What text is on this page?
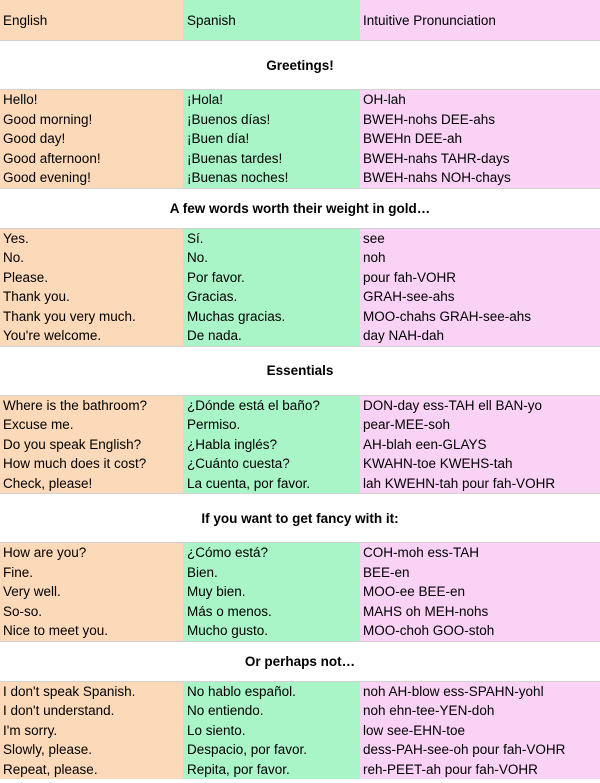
English	Spanish	Intuitive Pronunciation
Greetings!
Hello!	¡Hola!	OH-lah
Good morning!	¡Buenos días!	BWEH-nohs DEE-ahs
Good day!	¡Buen día!	BWEHn DEE-ah
Good afternoon!	¡Buenas tardes!	BWEH-nahs TAHR-days
Good evening!	¡Buenas noches!	BWEH-nahs NOH-chays
A few words worth their weight in gold…
Yes.	Sí.	see
No.	No.	noh
Please.	Por favor.	pour fah-VOHR
Thank you.	Gracias.	GRAH-see-ahs
Thank you very much.	Muchas gracias.	MOO-chahs GRAH-see-ahs
You're welcome.	De nada.	day NAH-dah
Essentials
Where is the bathroom?	¿Dónde está el baño?	DON-day ess-TAH ell BAN-yo
Excuse me.	Permiso.	pear-MEE-soh
Do you speak English?	¿Habla inglés?	AH-blah een-GLAYS
How much does it cost?	¿Cuánto cuesta?	KWAHN-toe KWEHS-tah
Check, please!	La cuenta, por favor.	lah KWEHN-tah pour fah-VOHR
If you want to get fancy with it:
How are you?	¿Cómo está?	COH-moh ess-TAH
Fine.	Bien.	BEE-en
Very well.	Muy bien.	MOO-ee BEE-en
So-so.	Más o menos.	MAHS oh MEH-nohs
Nice to meet you.	Mucho gusto.	MOO-choh GOO-stoh
Or perhaps not…
I don't speak Spanish.	No hablo español.	noh AH-blow ess-SPAHN-yohl
I don't understand.	No entiendo.	noh ehn-tee-YEN-doh
I'm sorry.	Lo siento.	low see-EHN-toe
Slowly, please.	Despacio, por favor.	dess-PAH-see-oh pour fah-VOHR
Repeat, please.	Repita, por favor.	reh-PEET-ah pour fah-VOHR
